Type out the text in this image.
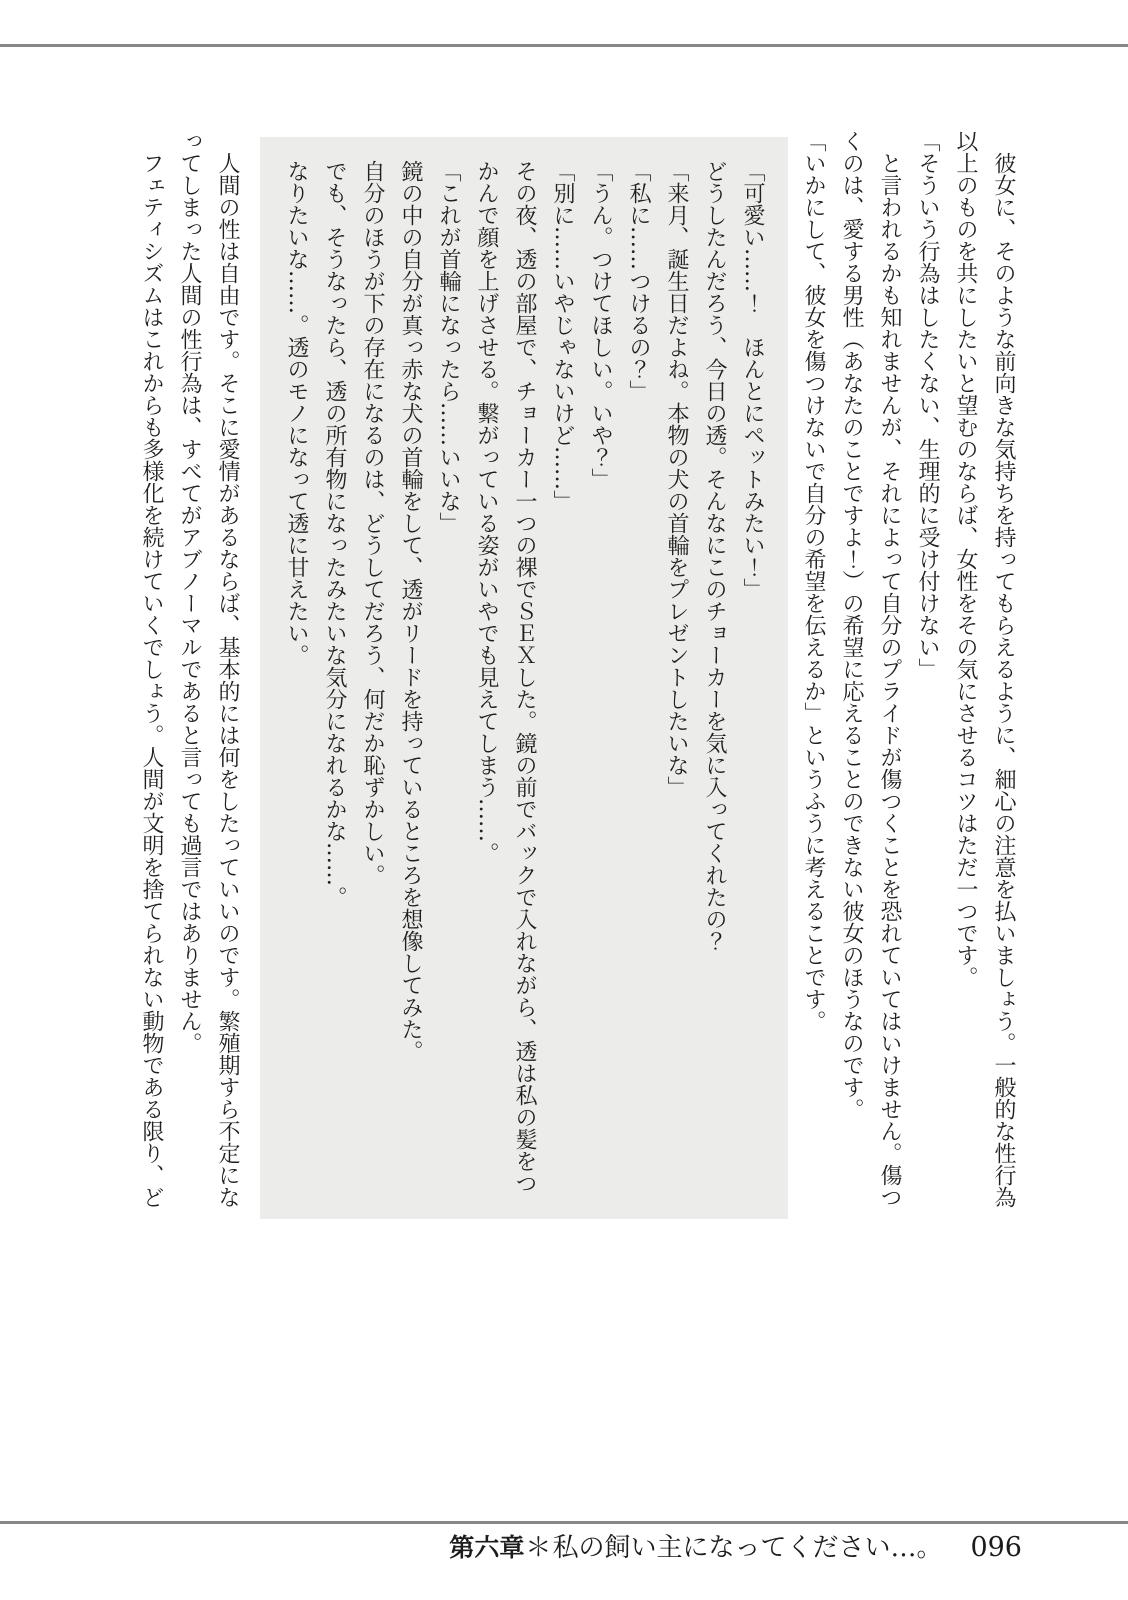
彼女に、そのような前向きな気持ちを持ってもらえるように、細心の注意を払いましょう。一般的な性行為以上のものを共にしたいと望むのならば、女性をその気にさせるコツはただ一つです。

「そういう行為はしたくない、生理的に受け付けない」

と言われるかも知れませんが、それによって自分のプライドが傷つくことを恐れていてはいけません。傷つくのは、愛する男性（あなたのことですよ！）の希望に応えることのできない彼女のほうなのです。

「いかにして、彼女を傷つけないで自分の希望を伝えるか」というふうに考えることです。

「可愛い……！　ほんとにペットみたい！」

どうしたんだろう、今日の透。そんなにこのチョーカーを気に入ってくれたの？

「来月、誕生日だよね。本物の犬の首輪をプレゼントしたいな」

「私に……つけるの？」

「うん。つけてほしい。いや？」

「別に……いやじゃないけど……」

その夜、透の部屋で、チョーカー一つの裸でＳＥＸした。鏡の前でバックで入れながら、透は私の髪をつかんで顔を上げさせる。繋がっている姿がいやでも見えてしまう……。

「これが首輪になったら……いいな」

鏡の中の自分が真っ赤な犬の首輪をして、透がリードを持っているところを想像してみた。

自分のほうが下の存在になるのは、どうしてだろう、何だか恥ずかしい。

でも、そうなったら、透の所有物になったみたいな気分になれるかな……。

なりたいな……。透のモノになって透に甘えたい。

人間の性は自由です。そこに愛情があるならば、基本的には何をしたっていいのです。繁殖期すら不定になってしまった人間の性行為は、すべてがアブノーマルであると言っても過言ではありません。

フェティシズムはこれからも多様化を続けていくでしょう。人間が文明を捨てられない動物である限り、ど

第六章 ＊ 私の飼い主になってください…。 096
